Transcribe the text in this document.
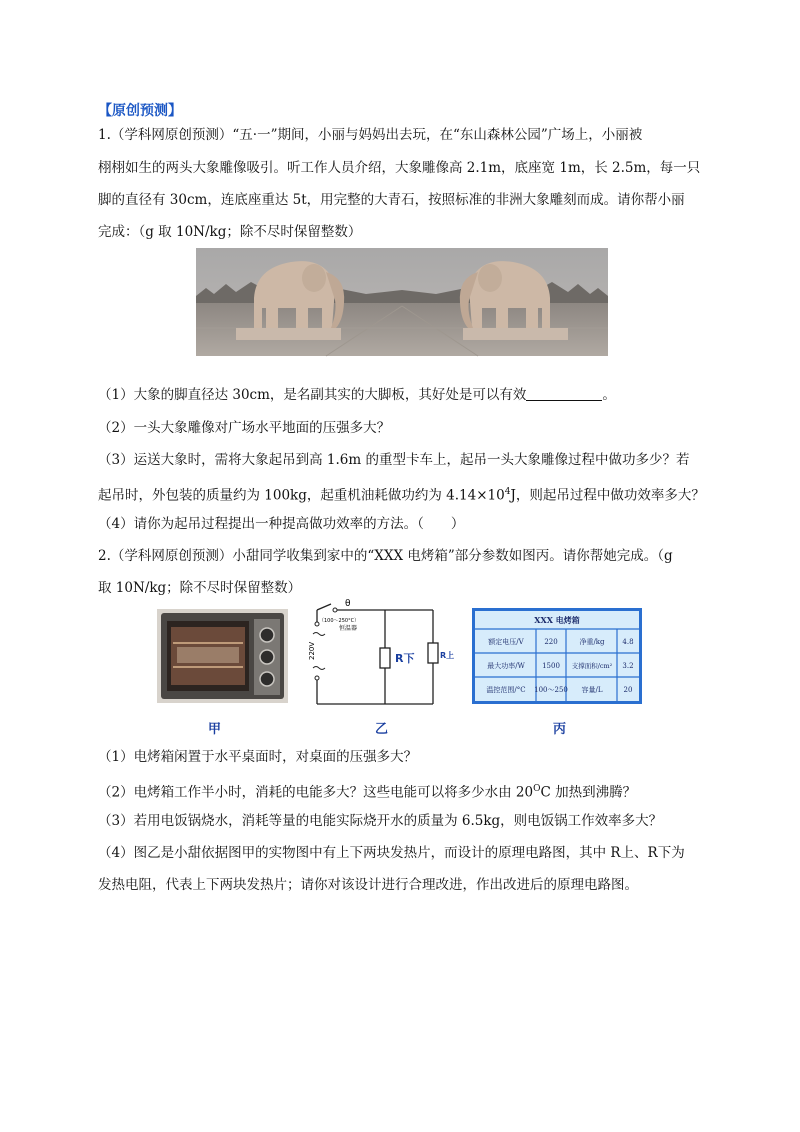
【原创预测】
1.（学科网原创预测）“五·一”期间，小丽与妈妈出去玩，在“东山森林公园”广场上，小丽被
栩栩如生的两头大象雕像吸引。听工作人员介绍，大象雕像高 2.1m，底座宽 1m，长 2.5m，每一只
脚的直径有 30cm，连底座重达 5t，用完整的大青石，按照标准的非洲大象雕刻而成。请你帮小丽
完成：（g 取 10N/kg；除不尽时保留整数）
（1）大象的脚直径达 30cm，是名副其实的大脚板，其好处是可以有效	。
（2）一头大象雕像对广场水平地面的压强多大？
（3）运送大象时，需将大象起吊到高 1.6m 的重型卡车上，起吊一头大象雕像过程中做功多少？若
起吊时，外包装的质量约为 100kg，起重机油耗做功约为 $4.14\times 10^4J$，则起吊过程中做功效率多大？
（4）请你为起吊过程提出一种提高做功效率的方法。（　　）
2.（学科网原创预测）小甜同学收集到家中的“XXX 电烤箱”部分参数如图丙。请你帮她完成。（g
取 10N/kg；除不尽时保留整数）
θ
（100～250°C）
恒温器
220V	R下	R上
XXX 电烤箱
额定电压/V	220	净重/kg	4.8
最大功率/W 1500 支撑面积/cm² 3.2
温控范围/°C 100～250 容量/L	20
甲	乙	丙
（1）电烤箱闲置于水平桌面时，对桌面的压强多大？
（2）电烤箱工作半小时，消耗的电能多大？这些电能可以将多少水由 $20^OC$ 加热到沸腾？
（3）若用电饭锅烧水，消耗等量的电能实际烧开水的质量为 6.5kg，则电饭锅工作效率多大？
（4）图乙是小甜依据图甲的实物图中有上下两块发热片，而设计的原理电路图，其中 R上、R下为
发热电阻，代表上下两块发热片；请你对该设计进行合理改进，作出改进后的原理电路图。
